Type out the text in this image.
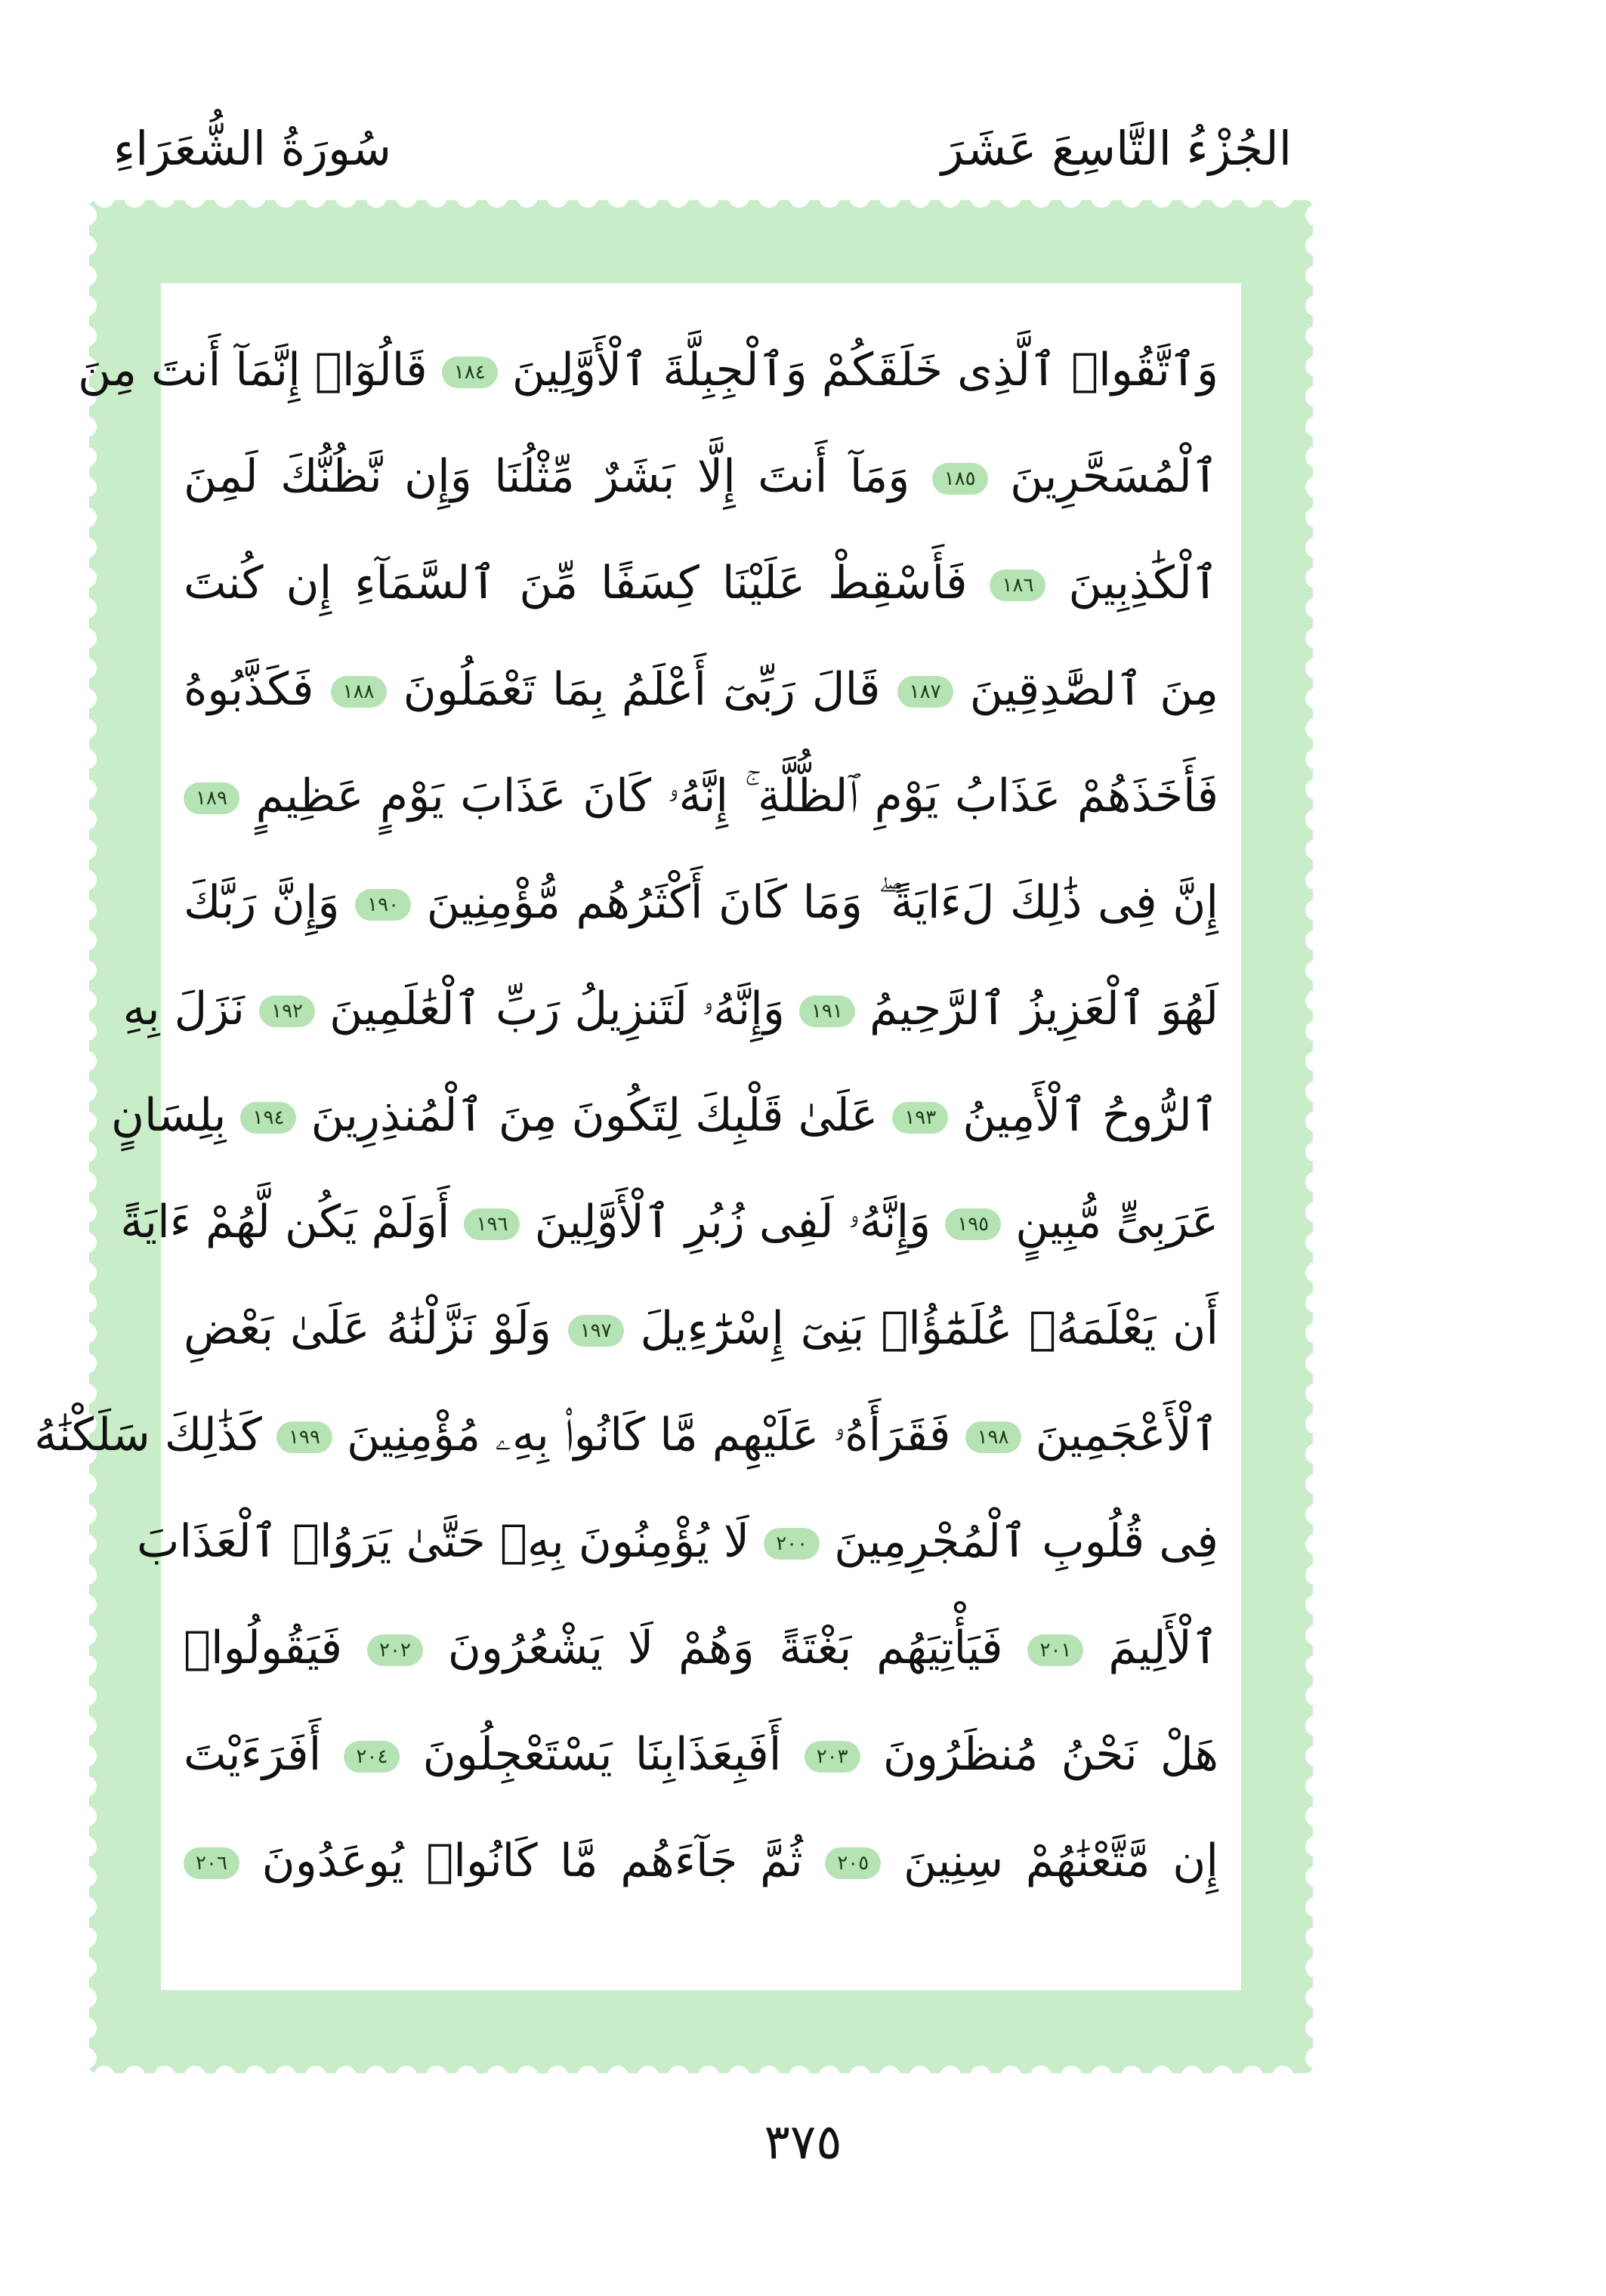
سُورَةُ الشُّعَرَاءِ	الجُزْءُ التَّاسِعَ عَشَرَ
وَٱتَّقُوا۟ ٱلَّذِى خَلَقَكُمْ وَٱلْجِبِلَّةَ ٱلْأَوَّلِينَ ١٨٤ قَالُوٓا۟ إِنَّمَآ أَنتَ مِنَ
ٱلْمُسَحَّرِينَ ١٨٥ وَمَآ أَنتَ إِلَّا بَشَرٌ مِّثْلُنَا وَإِن نَّظُنُّكَ لَمِنَ
ٱلْكَٰذِبِينَ ١٨٦ فَأَسْقِطْ عَلَيْنَا كِسَفًا مِّنَ ٱلسَّمَآءِ إِن كُنتَ
مِنَ ٱلصَّٰدِقِينَ ١٨٧ قَالَ رَبِّىٓ أَعْلَمُ بِمَا تَعْمَلُونَ ١٨٨ فَكَذَّبُوهُ
فَأَخَذَهُمْ عَذَابُ يَوْمِ ٱلظُّلَّةِ ۚ إِنَّهُۥ كَانَ عَذَابَ يَوْمٍ عَظِيمٍ ١٨٩
إِنَّ فِى ذَٰلِكَ لَءَايَةً ۖ وَمَا كَانَ أَكْثَرُهُم مُّؤْمِنِينَ ١٩٠ وَإِنَّ رَبَّكَ
لَهُوَ ٱلْعَزِيزُ ٱلرَّحِيمُ ١٩١ وَإِنَّهُۥ لَتَنزِيلُ رَبِّ ٱلْعَٰلَمِينَ ١٩٢ نَزَلَ بِهِ
ٱلرُّوحُ ٱلْأَمِينُ ١٩٣ عَلَىٰ قَلْبِكَ لِتَكُونَ مِنَ ٱلْمُنذِرِينَ ١٩٤ بِلِسَانٍ
عَرَبِىٍّ مُّبِينٍ ١٩٥ وَإِنَّهُۥ لَفِى زُبُرِ ٱلْأَوَّلِينَ ١٩٦ أَوَلَمْ يَكُن لَّهُمْ ءَايَةً
أَن يَعْلَمَهُۥ عُلَمَٰٓؤُا۟ بَنِىٓ إِسْرَٰٓءِيلَ ١٩٧ وَلَوْ نَزَّلْنَٰهُ عَلَىٰ بَعْضِ
ٱلْأَعْجَمِينَ ١٩٨ فَقَرَأَهُۥ عَلَيْهِم مَّا كَانُوا۟ بِهِۦ مُؤْمِنِينَ ١٩٩ كَذَٰلِكَ سَلَكْنَٰهُ
فِى قُلُوبِ ٱلْمُجْرِمِينَ ٢٠٠ لَا يُؤْمِنُونَ بِهِۦ حَتَّىٰ يَرَوُا۟ ٱلْعَذَابَ
ٱلْأَلِيمَ ٢٠١ فَيَأْتِيَهُم بَغْتَةً وَهُمْ لَا يَشْعُرُونَ ٢٠٢ فَيَقُولُوا۟
هَلْ نَحْنُ مُنظَرُونَ ٢٠٣ أَفَبِعَذَابِنَا يَسْتَعْجِلُونَ ٢٠٤ أَفَرَءَيْتَ
إِن مَّتَّعْنَٰهُمْ سِنِينَ ٢٠٥ ثُمَّ جَآءَهُم مَّا كَانُوا۟ يُوعَدُونَ ٢٠٦
٣٧٥
